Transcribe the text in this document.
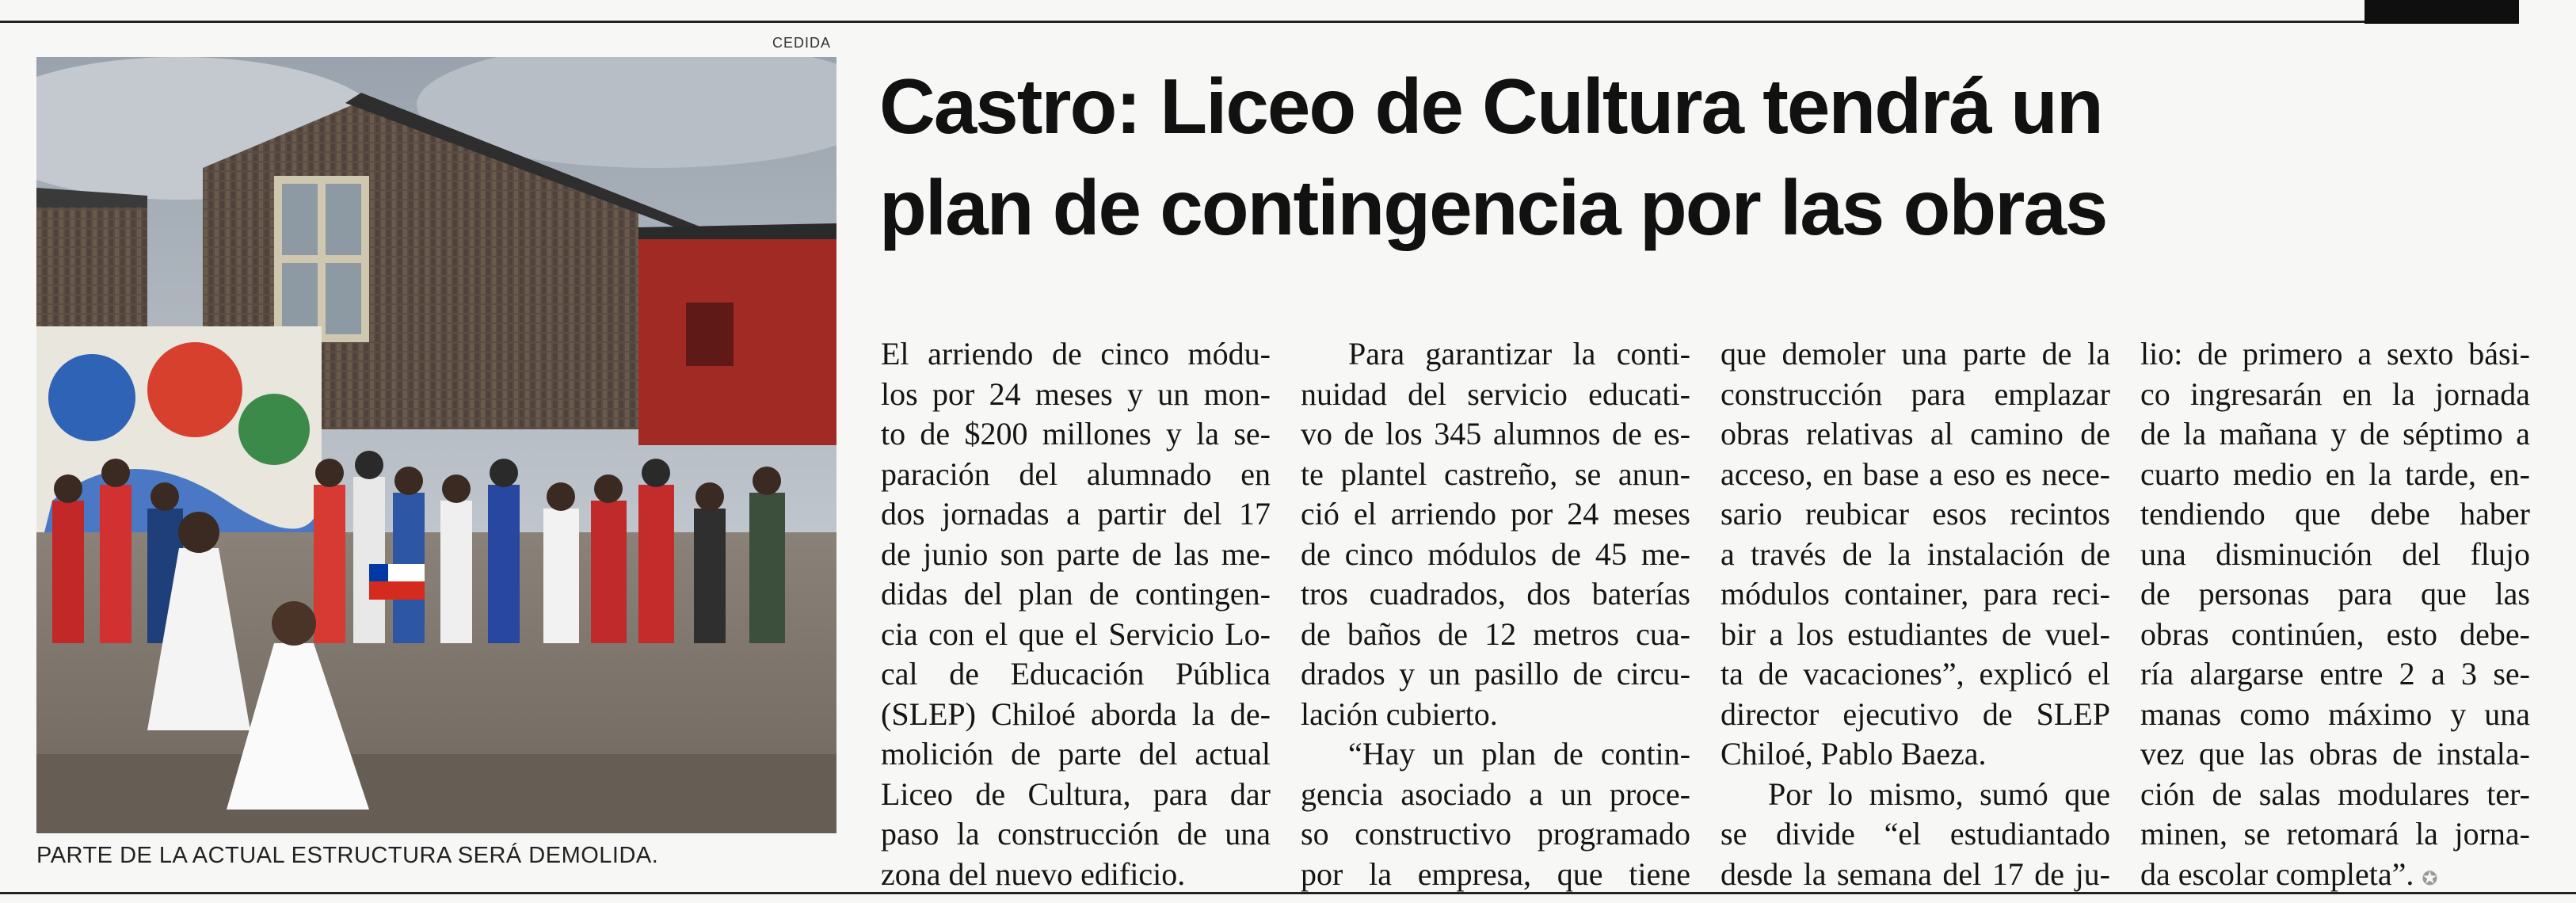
CEDIDA
PARTE DE LA ACTUAL ESTRUCTURA SERÁ DEMOLIDA.
Castro: Liceo de Cultura tendrá un
plan de contingencia por las obras
El arriendo de cinco módu-
los por 24 meses y un mon-
to de $200 millones y la se-
paración del alumnado en
dos jornadas a partir del 17
de junio son parte de las me-
didas del plan de contingen-
cia con el que el Servicio Lo-
cal de Educación Pública
(SLEP) Chiloé aborda la de-
molición de parte del actual
Liceo de Cultura, para dar
paso la construcción de una
zona del nuevo edificio.
Para garantizar la conti-
nuidad del servicio educati-
vo de los 345 alumnos de es-
te plantel castreño, se anun-
ció el arriendo por 24 meses
de cinco módulos de 45 me-
tros cuadrados, dos baterías
de baños de 12 metros cua-
drados y un pasillo de circu-
lación cubierto.
“Hay un plan de contin-
gencia asociado a un proce-
so constructivo programado
por la empresa, que tiene
que demoler una parte de la
construcción para emplazar
obras relativas al camino de
acceso, en base a eso es nece-
sario reubicar esos recintos
a través de la instalación de
módulos container, para reci-
bir a los estudiantes de vuel-
ta de vacaciones”, explicó el
director ejecutivo de SLEP
Chiloé, Pablo Baeza.
Por lo mismo, sumó que
se divide “el estudiantado
desde la semana del 17 de ju-
lio: de primero a sexto bási-
co ingresarán en la jornada
de la mañana y de séptimo a
cuarto medio en la tarde, en-
tendiendo que debe haber
una disminución del flujo
de personas para que las
obras continúen, esto debe-
ría alargarse entre 2 a 3 se-
manas como máximo y una
vez que las obras de instala-
ción de salas modulares ter-
minen, se retomará la jorna-
da escolar completa”. ✪
